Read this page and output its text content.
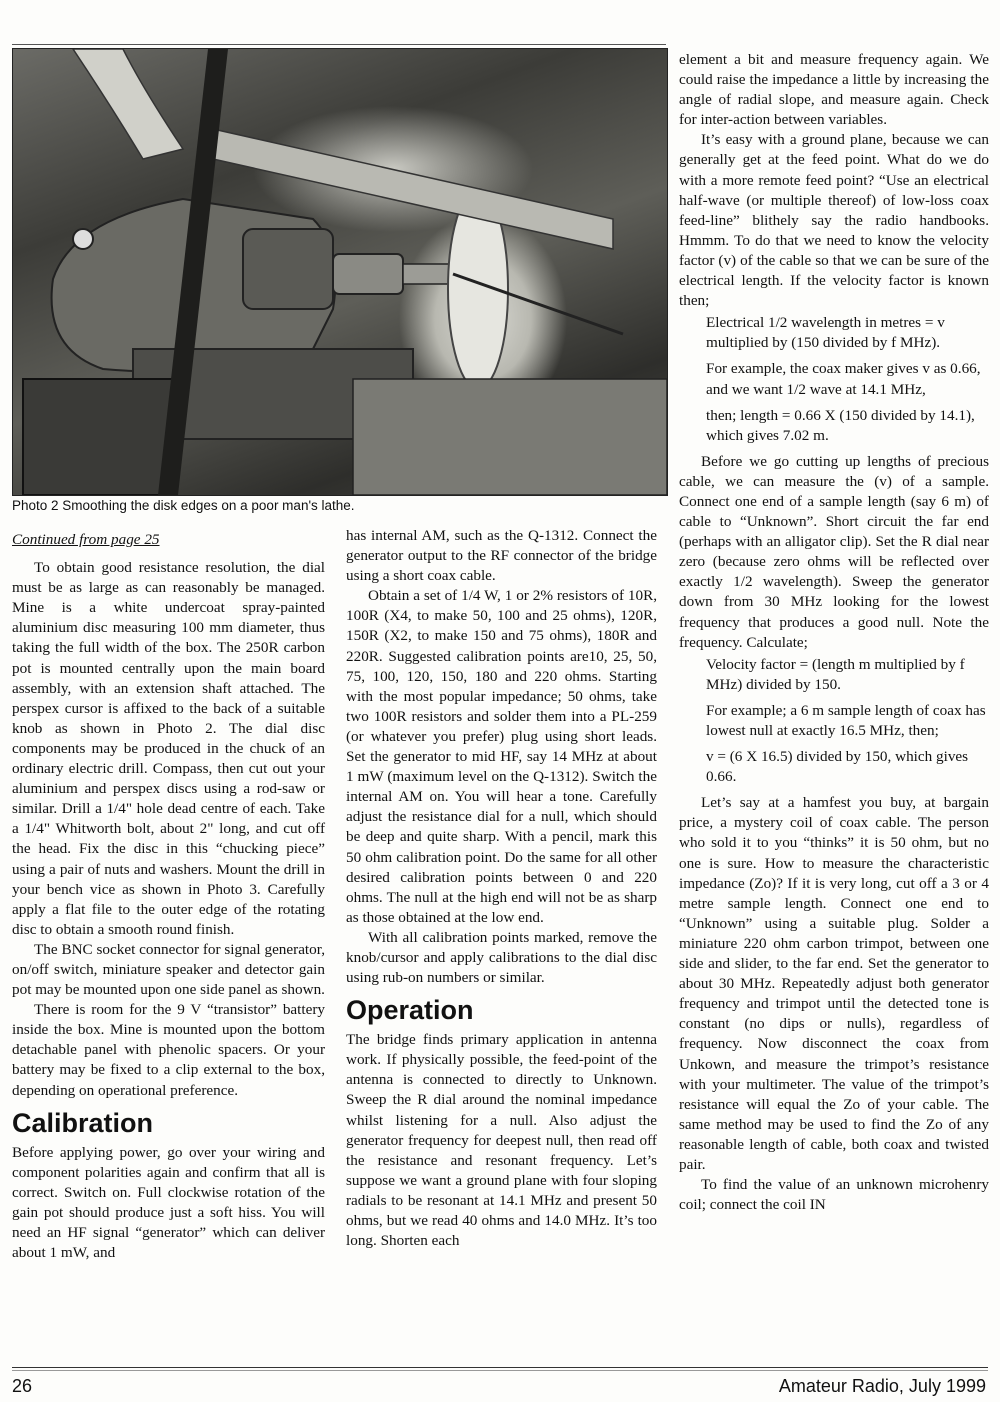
Photo 2 Smoothing the disk edges on a poor man's lathe.

Continued from page 25

To obtain good resistance resolution, the dial must be as large as can reasonably be managed. Mine is a white undercoat spray-painted aluminium disc measuring 100 mm diameter, thus taking the full width of the box. The 250R carbon pot is mounted centrally upon the main board assembly, with an extension shaft attached. The perspex cursor is affixed to the back of a suitable knob as shown in Photo 2. The dial disc components may be produced in the chuck of an ordinary electric drill. Compass, then cut out your aluminium and perspex discs using a rod-saw or similar. Drill a 1/4" hole dead centre of each. Take a 1/4" Whitworth bolt, about 2" long, and cut off the head. Fix the disc in this “chucking piece” using a pair of nuts and washers. Mount the drill in your bench vice as shown in Photo 3. Carefully apply a flat file to the outer edge of the rotating disc to obtain a smooth round finish.

The BNC socket connector for signal generator, on/off switch, miniature speaker and detector gain pot may be mounted upon one side panel as shown.

There is room for the 9 V “transistor” battery inside the box. Mine is mounted upon the bottom detachable panel with phenolic spacers. Or your battery may be fixed to a clip external to the box, depending on operational preference.

Calibration

Before applying power, go over your wiring and component polarities again and confirm that all is correct. Switch on. Full clockwise rotation of the gain pot should produce just a soft hiss. You will need an HF signal “generator” which can deliver about 1 mW, and

has internal AM, such as the Q-1312. Connect the generator output to the RF connector of the bridge using a short coax cable.

Obtain a set of 1/4 W, 1 or 2% resistors of 10R, 100R (X4, to make 50, 100 and 25 ohms), 120R, 150R (X2, to make 150 and 75 ohms), 180R and 220R. Suggested calibration points are10, 25, 50, 75, 100, 120, 150, 180 and 220 ohms. Starting with the most popular impedance; 50 ohms, take two 100R resistors and solder them into a PL-259 (or whatever you prefer) plug using short leads. Set the generator to mid HF, say 14 MHz at about 1 mW (maximum level on the Q-1312). Switch the internal AM on. You will hear a tone. Carefully adjust the resistance dial for a null, which should be deep and quite sharp. With a pencil, mark this 50 ohm calibration point. Do the same for all other desired calibration points between 0 and 220 ohms. The null at the high end will not be as sharp as those obtained at the low end.

With all calibration points marked, remove the knob/cursor and apply calibrations to the dial disc using rub-on numbers or similar.

Operation

The bridge finds primary application in antenna work. If physically possible, the feed-point of the antenna is connected to directly to Unknown. Sweep the R dial around the nominal impedance whilst listening for a null. Also adjust the generator frequency for deepest null, then read off the resistance and resonant frequency. Let’s suppose we want a ground plane with four sloping radials to be resonant at 14.1 MHz and present 50 ohms, but we read 40 ohms and 14.0 MHz. It’s too long. Shorten each

element a bit and measure frequency again. We could raise the impedance a little by increasing the angle of radial slope, and measure again. Check for inter-action between variables.

It’s easy with a ground plane, because we can generally get at the feed point. What do we do with a more remote feed point? “Use an electrical half-wave (or multiple thereof) of low-loss coax feed-line” blithely say the radio handbooks. Hmmm. To do that we need to know the velocity factor (v) of the cable so that we can be sure of the electrical length. If the velocity factor is known then;

Electrical 1/2 wavelength in metres = v multiplied by (150 divided by f MHz).

For example, the coax maker gives v as 0.66, and we want 1/2 wave at 14.1 MHz,

then; length = 0.66 X (150 divided by 14.1), which gives 7.02 m.

Before we go cutting up lengths of precious cable, we can measure the (v) of a sample. Connect one end of a sample length (say 6 m) of cable to “Unknown”. Short circuit the far end (perhaps with an alligator clip). Set the R dial near zero (because zero ohms will be reflected over exactly 1/2 wavelength). Sweep the generator down from 30 MHz looking for the lowest frequency that produces a good null. Note the frequency. Calculate;

Velocity factor = (length m multiplied by f MHz) divided by 150.

For example; a 6 m sample length of coax has lowest null at exactly 16.5 MHz, then;

v = (6 X 16.5) divided by 150, which gives 0.66.

Let’s say at a hamfest you buy, at bargain price, a mystery coil of coax cable. The person who sold it to you “thinks” it is 50 ohm, but no one is sure. How to measure the characteristic impedance (Zo)? If it is very long, cut off a 3 or 4 metre sample length. Connect one end to “Unknown” using a suitable plug. Solder a miniature 220 ohm carbon trimpot, between one side and slider, to the far end. Set the generator to about 30 MHz. Repeatedly adjust both generator frequency and trimpot until the detected tone is constant (no dips or nulls), regardless of frequency. Now disconnect the coax from Unkown, and measure the trimpot’s resistance with your multimeter. The value of the trimpot’s resistance will equal the Zo of your cable. The same method may be used to find the Zo of any reasonable length of cable, both coax and twisted pair.

To find the value of an unknown microhenry coil; connect the coil IN

26	Amateur Radio, July 1999
